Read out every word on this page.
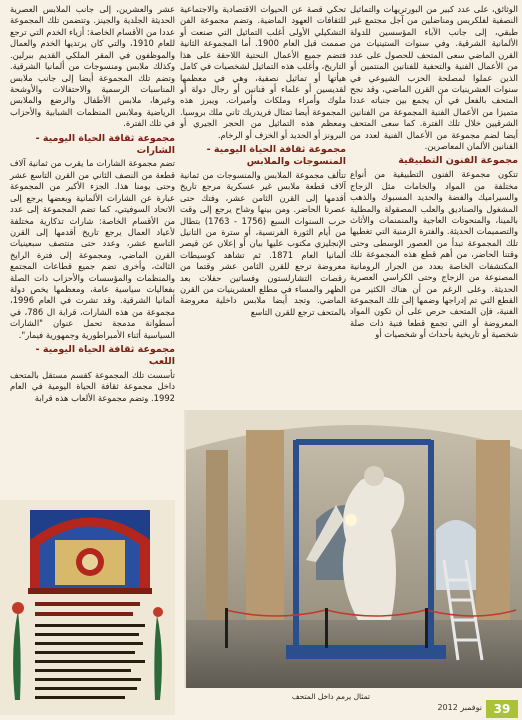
الوثائق، على عدد كبير من البورتريهات والتماثيل النصفية لفلكريس ومناضلين من آجل مجتمع غير طبقي، إلى جانب الآباء المؤسسين للدولة الألمانية الشرقية. وفي سنوات الستينيات من القرن الماضي سعى المتحف للحصول على عدد من الأعمال الفنية والتحفية للفنانين المنتمين أو الذين عملوا لمصلحة الحزب الشيوعي في سنوات العشرينيات من القرن الماضي، وقد نجح المتحف بالفعل في أن يجمع بين جنباته عددا متميزا من الأعمال الفنية المجموعة من الفنانين الشرقيين خلال تلك الفترة. كما سعى المتحف أيضا لضم مجموعة من الأعمال الفنية لعدد من الفنانين الألمان المعاصرين.

مجموعة الفنون التطبيقية

تتكون مجموعة الفنون التطبيقية من أنواع مختلفة من المواد والخامات مثل الزجاج والسيراميك والفضة والحديد المسبوك والذهب المشغول والصناديق والعلب المصقولة والمطلية بالمينا، والمنحوتات العاجية والمنمنمات والأثاث والتصميمات الحديثة. والفترة الزمنية التي تغطيها تلك المجموعة تبدأ من العصور الوسطى وحتى وقتنا الحاضر، من أهم قطع هذه المجموعة تلك المكتشفات الخاصة بعدد من الجرار الرومانية المصنوعة من الزجاج وحتى الكراسي العصرية الحديثة. وعلى الرغم من أن هناك الكثير من القطع التي تم إدراجها وضمها إلى تلك المجموعة الفنية، فإن المتحف حرص على أن تكون المواد المعروضة أو التي تجمع قطعا فنية ذات صلة شخصية أو تاريخية بأحداث أو شخصيات أو

تحكي قصة عن الحيوات الاقتصادية والاجتماعية للثقافات العهود الماضية. وتضم مجموعة الفن التشكيلي الأولى أغلب التماثيل التي صنعت أو صممت قبل العام 1900. أما المجموعة الثانية فتضم جميع الأعمال النحتية اللاحقة على هذا التاريخ، وأغلب هذه التماثيل لشخصيات في كامل هيأتها أو تماثيل نصفية، وهي في معظمها لقديسين أو علماء أو فنانين أو رجال دولة أو ملوك وأمراء وملكات وأميرات. ويبرز هذه المجموعة أيضا تمثال فريدريك ثاني ملك بروسيا. ومعظم هذه التماثيل من الحجر الجيري أو البرونز أو الحديد أو الخزف أو الرخام.

مجموعة ثقافة الحياة اليومية - المنسوجات والملابس

تتألف مجموعة الملابس والمنسوجات من ثمانية آلاف قطعة ملابس غير عسكرية مرجع تاريخ أقدمها إلى القرن الثامن عشر، وفتك حتى عصرنا الحاضر. ومن بينها وشاح يرجع إلى وقت حرب السنوات السبع (1756 - 1763) بتطال من أيام الثورة الفرنسية، أو سترة من التانيل الإنجليزي مكتوب عليها بيان أو إعلان عن قيصر ألمانيا العام 1871. ثم تشاهد كوسيطات معروضة ترجع للقرن الثامن عشر وقتما من رقصات التشارلستون وفساتين حفلات بعد الظهر والمساء في مطلع العشرينيات من القرن الماضي. وتجد أيضا ملابس داخلية معروضة بالمتحف ترجع للقرن التاسع

عشر والعشرين، إلى جانب الملابس العصرية الحديثة الجلدية والجينز. وتتضمن تلك المجموعة عددا من الأقسام الخاصة: أزياء الخدم التي ترجع للعام 1910، والتي كان يرتديها الخدم والعمال والموظفون في المقر الملكي القديم ببرلين. وكذلك ملابس ومنسوجات من ألمانيا الشرقية. وتضم تلك المجموعة أيضا إلى جانب ملابس المناسبات الرسمية والاحتفالات والأوشحة وغيرها، ملابس الأطفال والرضع والملابس الرياضية وملابس المنظمات الشبابية والأحزاب في تلك الفترة.

مجموعة ثقافة الحياة اليومية - الشارات

تضم مجموعة الشارات ما يقرب من ثمانية آلاف قطعة من النصف الثاني من القرن التاسع عشر وحتى يومنا هذا. الجزء الأكبر من المجموعة عبارة عن الشارات الألمانية وبعضها يرجع إلى الاتحاد السوفيتي، كما تضم المجموعة إلى عدد من الأقسام الخاصة: شارات تذكارية مختلفة لأعياد العمال يرجع تاريخ أقدمها إلى القرن التاسع عشر، وعدد حتى منتصف سبعينيات القرن الماضي، ومجموعة إلى فترة الرايخ الثالث، وأخرى تضم جميع قطاعات المجتمع والمنظمات والمؤسسات والأحزاب ذات الصلة بفعاليات سياسية عامة، ومعظمها يخص دولة ألمانيا الشرقية. وقد تشرت في العام 1996، مجموعة من هذه الشارات، قرابة ال 786، في أسطوانة مدمجة تحمل عنوان "الشارات السياسية أثناء الأمبراطورية وجمهورية فيمار".

مجموعة ثقافة الحياة اليومية - اللعب

تأسست تلك المجموعة كقسم مستقل بالمتحف داخل مجموعة ثقافة الحياة اليومية في العام 1992. وتضم مجموعة الألعاب هذه قرابة

تمثال يرمم داخل المتحف
نوفمبر 2012 39
